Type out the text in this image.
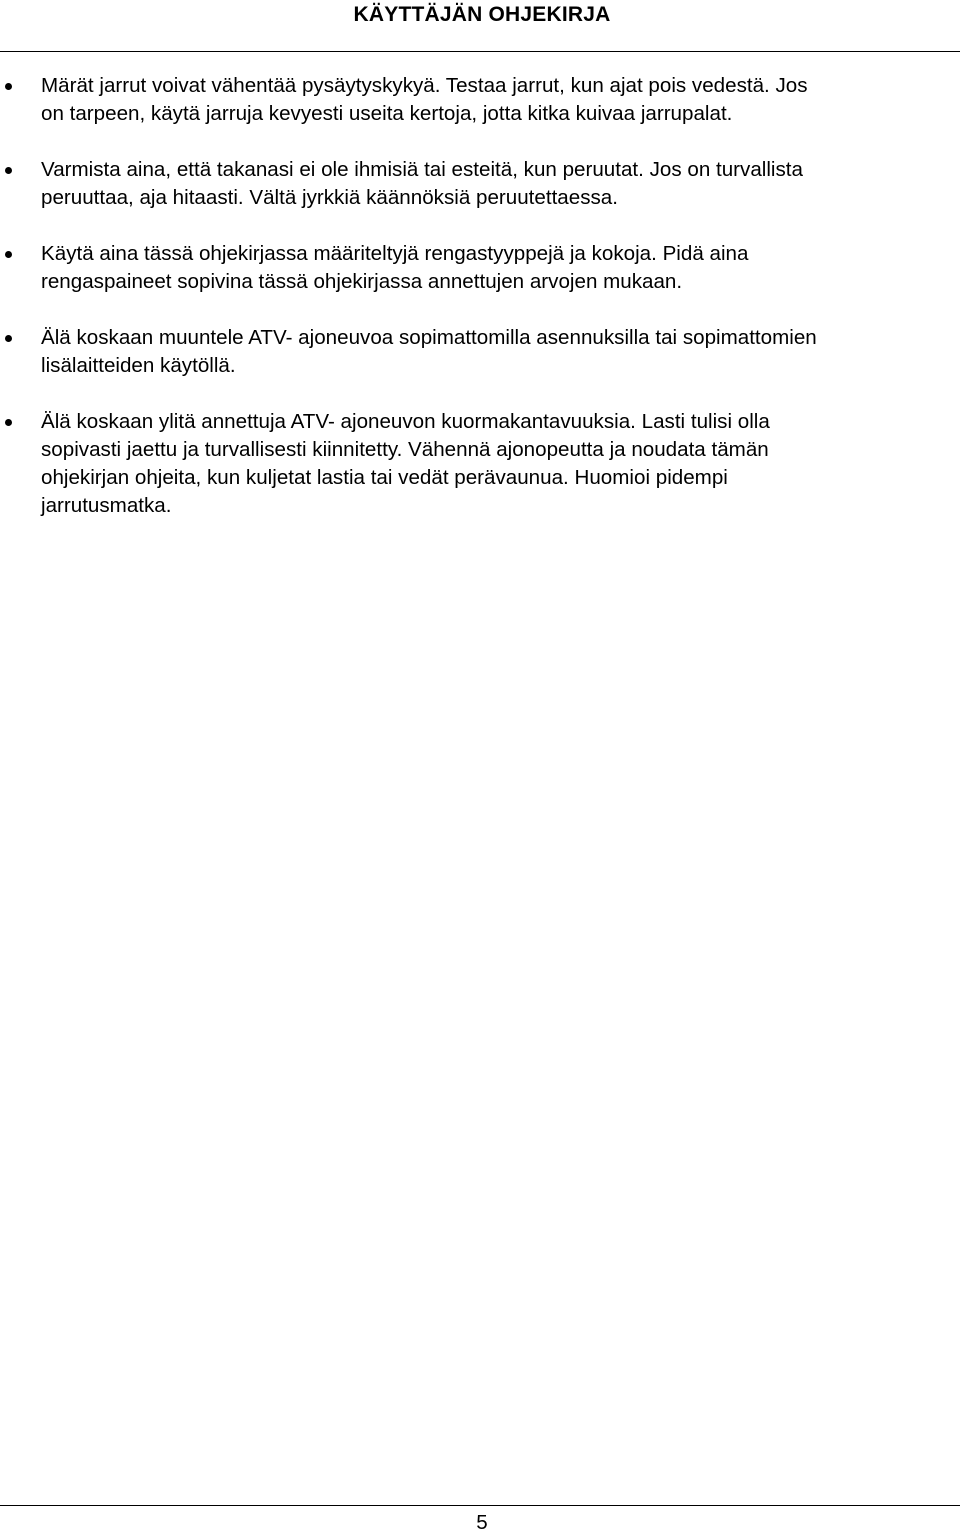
KÄYTTÄJÄN OHJEKIRJA
Märät jarrut voivat vähentää pysäytyskykyä. Testaa jarrut, kun ajat pois vedestä. Jos
on tarpeen, käytä jarruja kevyesti useita kertoja, jotta kitka kuivaa jarrupalat.
Varmista aina, että takanasi ei ole ihmisiä tai esteitä, kun peruutat. Jos on turvallista
peruuttaa, aja hitaasti. Vältä jyrkkiä käännöksiä peruutettaessa.
Käytä aina tässä ohjekirjassa määriteltyjä rengastyyppejä ja kokoja. Pidä aina
rengaspaineet sopivina tässä ohjekirjassa annettujen arvojen mukaan.
Älä koskaan muuntele ATV- ajoneuvoa sopimattomilla asennuksilla tai sopimattomien
lisälaitteiden käytöllä.
Älä koskaan ylitä annettuja ATV- ajoneuvon kuormakantavuuksia. Lasti tulisi olla
sopivasti jaettu ja turvallisesti kiinnitetty. Vähennä ajonopeutta ja noudata tämän
ohjekirjan ohjeita, kun kuljetat lastia tai vedät perävaunua. Huomioi pidempi
jarrutusmatka.
5
